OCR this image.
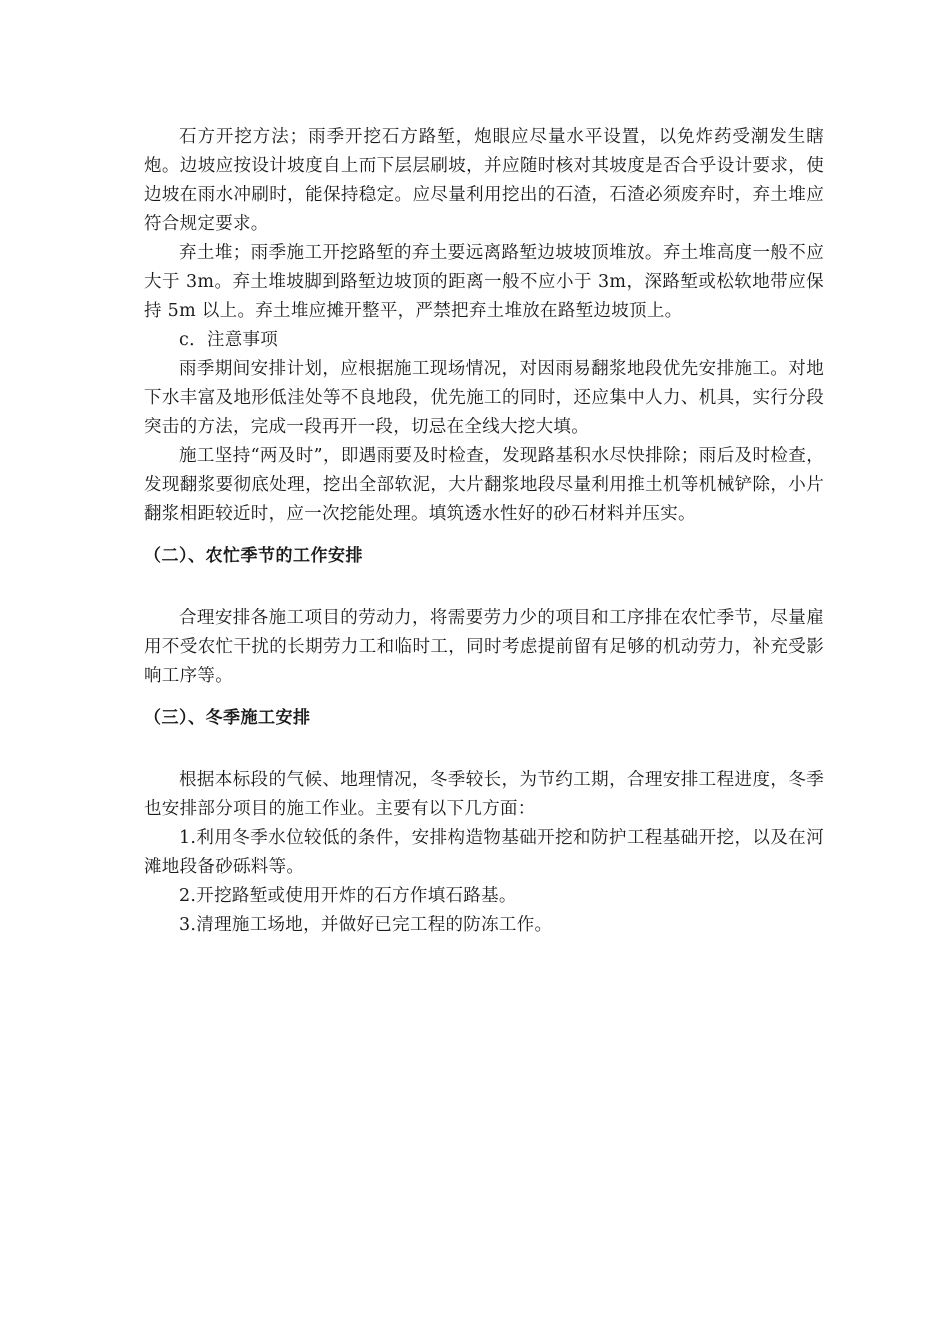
石方开挖方法；雨季开挖石方路堑，炮眼应尽量水平设置，以免炸药受潮发生瞎炮。边坡应按设计坡度自上而下层层刷坡，并应随时核对其坡度是否合乎设计要求，使边坡在雨水冲刷时，能保持稳定。应尽量利用挖出的石渣，石渣必须废弃时，弃土堆应符合规定要求。

弃土堆；雨季施工开挖路堑的弃土要远离路堑边坡坡顶堆放。弃土堆高度一般不应大于 3m。弃土堆坡脚到路堑边坡顶的距离一般不应小于 3m，深路堑或松软地带应保持 5m 以上。弃土堆应摊开整平，严禁把弃土堆放在路堑边坡顶上。

c．注意事项

雨季期间安排计划，应根据施工现场情况，对因雨易翻浆地段优先安排施工。对地下水丰富及地形低洼处等不良地段，优先施工的同时，还应集中人力、机具，实行分段突击的方法，完成一段再开一段，切忌在全线大挖大填。

施工坚持“两及时”，即遇雨要及时检查，发现路基积水尽快排除；雨后及时检查，发现翻浆要彻底处理，挖出全部软泥，大片翻浆地段尽量利用推土机等机械铲除，小片翻浆相距较近时，应一次挖能处理。填筑透水性好的砂石材料并压实。

（二）、农忙季节的工作安排

合理安排各施工项目的劳动力，将需要劳力少的项目和工序排在农忙季节，尽量雇用不受农忙干扰的长期劳力工和临时工，同时考虑提前留有足够的机动劳力，补充受影响工序等。

（三）、冬季施工安排

根据本标段的气候、地理情况，冬季较长，为节约工期，合理安排工程进度，冬季也安排部分项目的施工作业。主要有以下几方面：

1.利用冬季水位较低的条件，安排构造物基础开挖和防护工程基础开挖，以及在河滩地段备砂砾料等。

2.开挖路堑或使用开炸的石方作填石路基。

3.清理施工场地，并做好已完工程的防冻工作。
